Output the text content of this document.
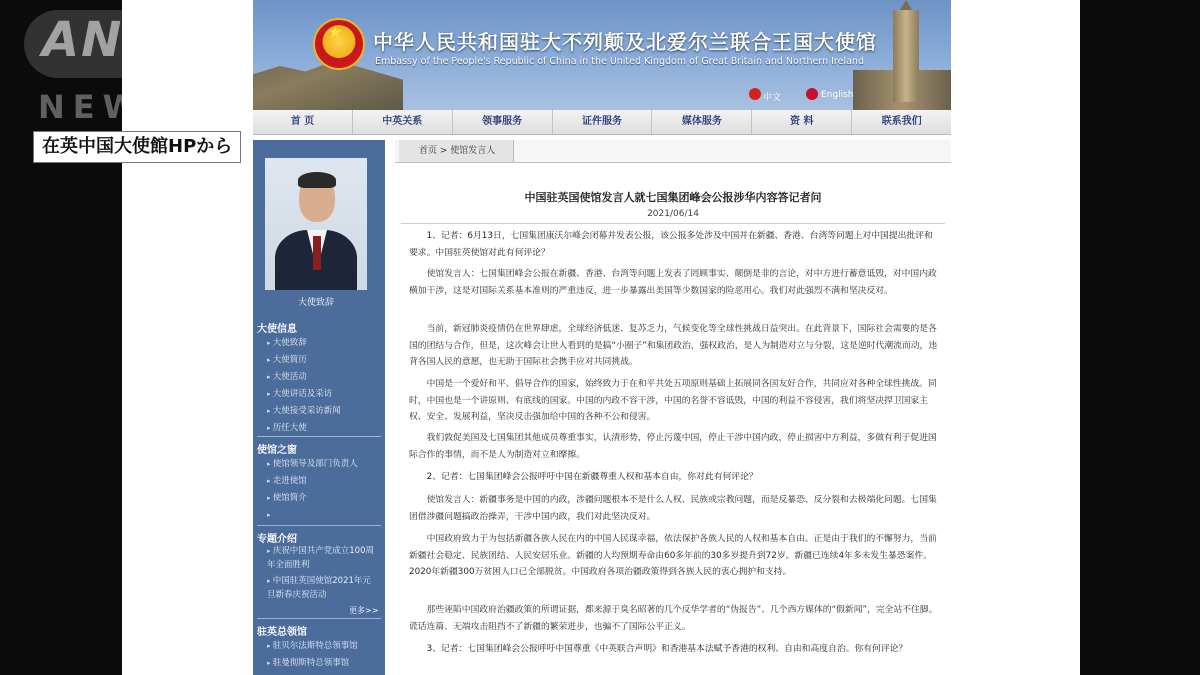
★ 中华人民共和国驻大不列颠及北爱尔兰联合王国大使馆
Embassy of the People's Republic of China in the United Kingdom of Great Britain and Northern Ireland
中文	English
首 页	中英关系	领事服务	证件服务	媒体服务	资 料	联系我们
大使致辞
大使信息
▸ 大使致辞
▸ 大使简历
▸ 大使活动
▸ 大使讲话及采访
▸ 大使接受采访新闻
▸ 历任大使
使馆之窗
▸ 使馆领导及部门负责人
▸ 走进使馆
▸ 使馆简介
▸
专题介绍
▸ 庆祝中国共产党成立100周年全面胜利
▸ 中国驻英国使馆2021年元旦新春庆祝活动
更多>>
驻英总领馆
▸ 驻贝尔法斯特总领事馆
▸ 驻曼彻斯特总领事馆
首页 > 使馆发言人
中国驻英国使馆发言人就七国集团峰会公报涉华内容答记者问
2021/06/14

1、记者：6月13日，七国集团康沃尔峰会闭幕并发表公报，该公报多处涉及中国并在新疆、香港、台湾等问题上对中国提出批评和要求。中国驻英使馆对此有何评论？

使馆发言人：七国集团峰会公报在新疆、香港、台湾等问题上发表了罔顾事实、颠倒是非的言论，对中方进行蓄意诋毁，对中国内政横加干涉，这是对国际关系基本准则的严重违反，进一步暴露出美国等少数国家的险恶用心。我们对此强烈不满和坚决反对。

当前，新冠肺炎疫情仍在世界肆虐，全球经济低迷、复苏乏力，气候变化等全球性挑战日益突出。在此背景下，国际社会需要的是各国的团结与合作，但是，这次峰会让世人看到的是搞“小圈子”和集团政治，强权政治，是人为制造对立与分裂，这是逆时代潮流而动，违背各国人民的意愿，也无助于国际社会携手应对共同挑战。

中国是一个爱好和平、倡导合作的国家，始终致力于在和平共处五项原则基础上拓展同各国友好合作，共同应对各种全球性挑战。同时，中国也是一个讲原则、有底线的国家。中国的内政不容干涉，中国的名誉不容诋毁，中国的利益不容侵害，我们将坚决捍卫国家主权、安全、发展利益，坚决反击强加给中国的各种不公和侵害。

我们敦促美国及七国集团其他成员尊重事实，认清形势，停止污蔑中国，停止干涉中国内政，停止损害中方利益，多做有利于促进国际合作的事情，而不是人为制造对立和摩擦。

2、记者：七国集团峰会公报呼吁中国在新疆尊重人权和基本自由，你对此有何评论？

使馆发言人：新疆事务是中国的内政，涉疆问题根本不是什么人权、民族或宗教问题，而是反暴恐、反分裂和去极端化问题。七国集团借涉疆问题搞政治操弄，干涉中国内政，我们对此坚决反对。

中国政府致力于为包括新疆各族人民在内的中国人民谋幸福，依法保护各族人民的人权和基本自由。正是由于我们的不懈努力，当前新疆社会稳定、民族团结、人民安居乐业。新疆的人均预期寿命由60多年前的30多岁提升到72岁。新疆已连续4年多未发生暴恐案件。2020年新疆300万贫困人口已全部脱贫。中国政府各项治疆政策得到各族人民的衷心拥护和支持。

那些诬陷中国政府治疆政策的所谓证据，都来源于臭名昭著的几个反华学者的“伪报告”、几个西方媒体的“假新闻”，完全站不住脚。谎话连篇、无端攻击阻挡不了新疆的繁荣进步，也骗不了国际公平正义。

3、记者：七国集团峰会公报呼吁中国尊重《中英联合声明》和香港基本法赋予香港的权利、自由和高度自治。你有何评论？

ANN
NEWS
在英中国大使館HPから
